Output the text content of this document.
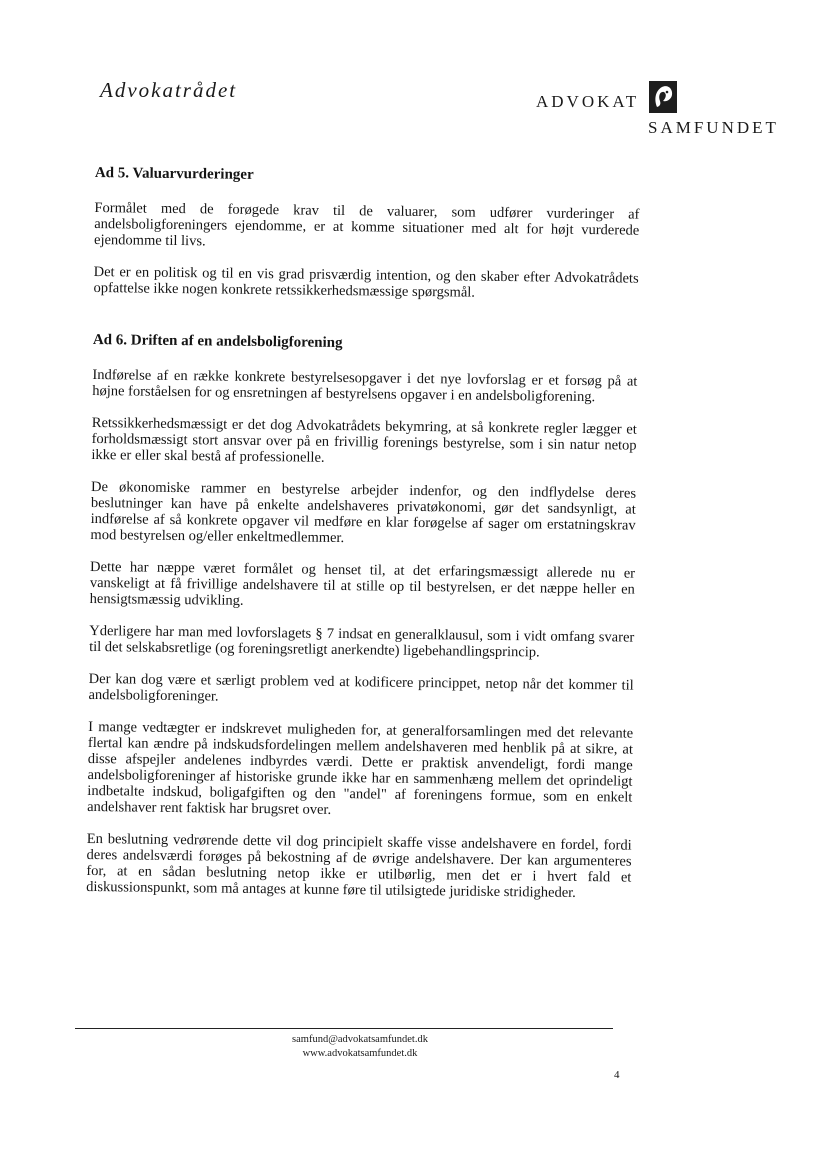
Advokatrådet	ADVOKAT
SAMFUNDET
Ad 5. Valuarvurderinger

Formålet med de forøgede krav til de valuarer, som udfører vurderinger af andelsboligforeningers ejendomme, er at komme situationer med alt for højt vurderede ejendomme til livs.

Det er en politisk og til en vis grad prisværdig intention, og den skaber efter Advokatrådets opfattelse ikke nogen konkrete retssikkerhedsmæssige spørgsmål.

Ad 6. Driften af en andelsboligforening

Indførelse af en række konkrete bestyrelsesopgaver i det nye lovforslag er et forsøg på at højne forståelsen for og ensretningen af bestyrelsens opgaver i en andelsboligforening.

Retssikkerhedsmæssigt er det dog Advokatrådets bekymring, at så konkrete regler lægger et forholdsmæssigt stort ansvar over på en frivillig forenings bestyrelse, som i sin natur netop ikke er eller skal bestå af professionelle.

De økonomiske rammer en bestyrelse arbejder indenfor, og den indflydelse deres beslutninger kan have på enkelte andelshaveres privatøkonomi, gør det sandsynligt, at indførelse af så konkrete opgaver vil medføre en klar forøgelse af sager om erstatningskrav mod bestyrelsen og/eller enkeltmedlemmer.

Dette har næppe været formålet og henset til, at det erfaringsmæssigt allerede nu er vanskeligt at få frivillige andelshavere til at stille op til bestyrelsen, er det næppe heller en hensigtsmæssig udvikling.

Yderligere har man med lovforslagets § 7 indsat en generalklausul, som i vidt omfang svarer til det selskabsretlige (og foreningsretligt anerkendte) ligebehandlingsprincip.

Der kan dog være et særligt problem ved at kodificere princippet, netop når det kommer til andelsboligforeninger.

I mange vedtægter er indskrevet muligheden for, at generalforsamlingen med det relevante flertal kan ændre på indskudsfordelingen mellem andelshaveren med henblik på at sikre, at disse afspejler andelenes indbyrdes værdi. Dette er praktisk anvendeligt, fordi mange andelsboligforeninger af historiske grunde ikke har en sammenhæng mellem det oprindeligt indbetalte indskud, boligafgiften og den "andel" af foreningens formue, som en enkelt andelshaver rent faktisk har brugsret over.

En beslutning vedrørende dette vil dog principielt skaffe visse andelshavere en fordel, fordi deres andelsværdi forøges på bekostning af de øvrige andelshavere. Der kan argumenteres for, at en sådan beslutning netop ikke er utilbørlig, men det er i hvert fald et diskussionspunkt, som må antages at kunne føre til utilsigtede juridiske stridigheder.

samfund@advokatsamfundet.dk
www.advokatsamfundet.dk
4
